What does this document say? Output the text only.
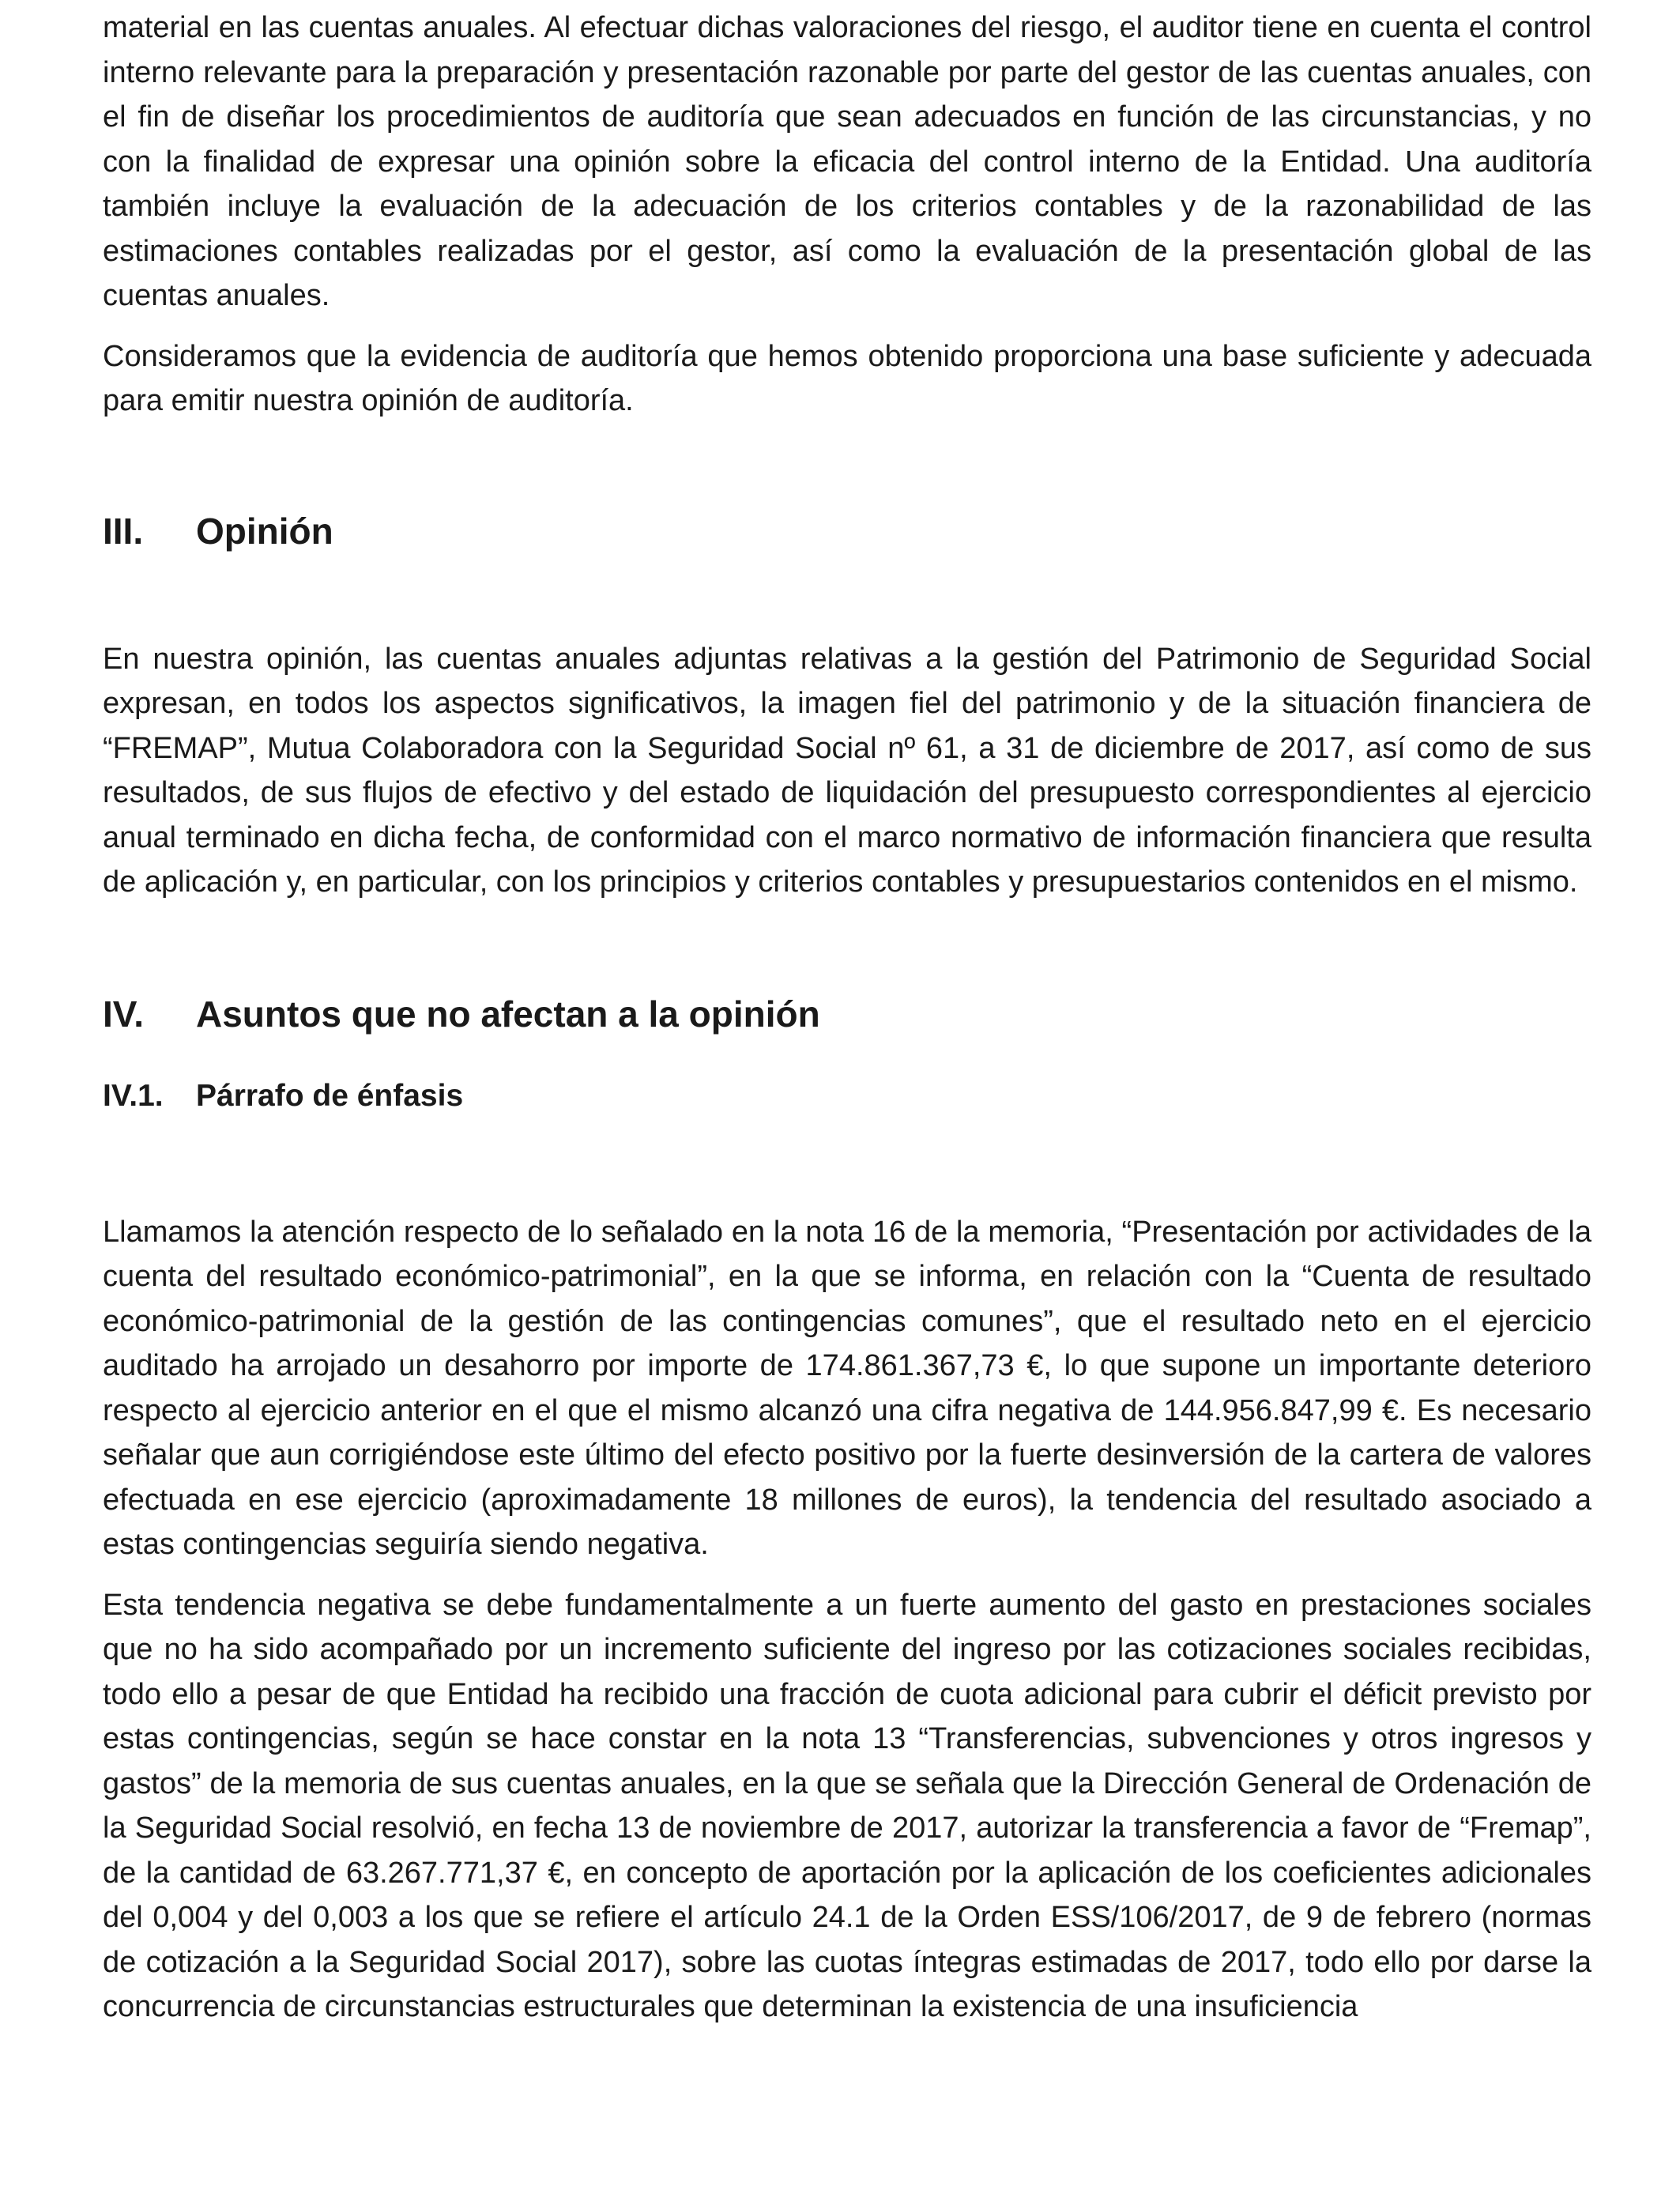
material en las cuentas anuales. Al efectuar dichas valoraciones del riesgo, el auditor tiene en cuenta el control interno relevante para la preparación y presentación razonable por parte del gestor de las cuentas anuales, con el fin de diseñar los procedimientos de auditoría que sean adecuados en función de las circunstancias, y no con la finalidad de expresar una opinión sobre la eficacia del control interno de la Entidad. Una auditoría también incluye la evaluación de la adecuación de los criterios contables y de la razonabilidad de las estimaciones contables realizadas por el gestor, así como la evaluación de la presentación global de las cuentas anuales.

Consideramos que la evidencia de auditoría que hemos obtenido proporciona una base suficiente y adecuada para emitir nuestra opinión de auditoría.

III.	Opinión

En nuestra opinión, las cuentas anuales adjuntas relativas a la gestión del Patrimonio de Seguridad Social expresan, en todos los aspectos significativos, la imagen fiel del patrimonio y de la situación financiera de “FREMAP”, Mutua Colaboradora con la Seguridad Social nº 61, a 31 de diciembre de 2017, así como de sus resultados, de sus flujos de efectivo y del estado de liquidación del presupuesto correspondientes al ejercicio anual terminado en dicha fecha, de conformidad con el marco normativo de información financiera que resulta de aplicación y, en particular, con los principios y criterios contables y presupuestarios contenidos en el mismo.

IV.	Asuntos que no afectan a la opinión
IV.1.	Párrafo de énfasis

Llamamos la atención respecto de lo señalado en la nota 16 de la memoria, “Presentación por actividades de la cuenta del resultado económico-patrimonial”, en la que se informa, en relación con la “Cuenta de resultado económico-patrimonial de la gestión de las contingencias comunes”, que el resultado neto en el ejercicio auditado ha arrojado un desahorro por importe de 174.861.367,73 €, lo que supone un importante deterioro respecto al ejercicio anterior en el que el mismo alcanzó una cifra negativa de 144.956.847,99 €. Es necesario señalar que aun corrigiéndose este último del efecto positivo por la fuerte desinversión de la cartera de valores efectuada en ese ejercicio (aproximadamente 18 millones de euros), la tendencia del resultado asociado a estas contingencias seguiría siendo negativa.

Esta tendencia negativa se debe fundamentalmente a un fuerte aumento del gasto en prestaciones sociales que no ha sido acompañado por un incremento suficiente del ingreso por las cotizaciones sociales recibidas, todo ello a pesar de que Entidad ha recibido una fracción de cuota adicional para cubrir el déficit previsto por estas contingencias, según se hace constar en la nota 13 “Transferencias, subvenciones y otros ingresos y gastos” de la memoria de sus cuentas anuales, en la que se señala que la Dirección General de Ordenación de la Seguridad Social resolvió, en fecha 13 de noviembre de 2017, autorizar la transferencia a favor de “Fremap”, de la cantidad de 63.267.771,37 €, en concepto de aportación por la aplicación de los coeficientes adicionales del 0,004 y del 0,003 a los que se refiere el artículo 24.1 de la Orden ESS/106/2017, de 9 de febrero (normas de cotización a la Seguridad Social 2017), sobre las cuotas íntegras estimadas de 2017, todo ello por darse la concurrencia de circunstancias estructurales que determinan la existencia de una insuficiencia
